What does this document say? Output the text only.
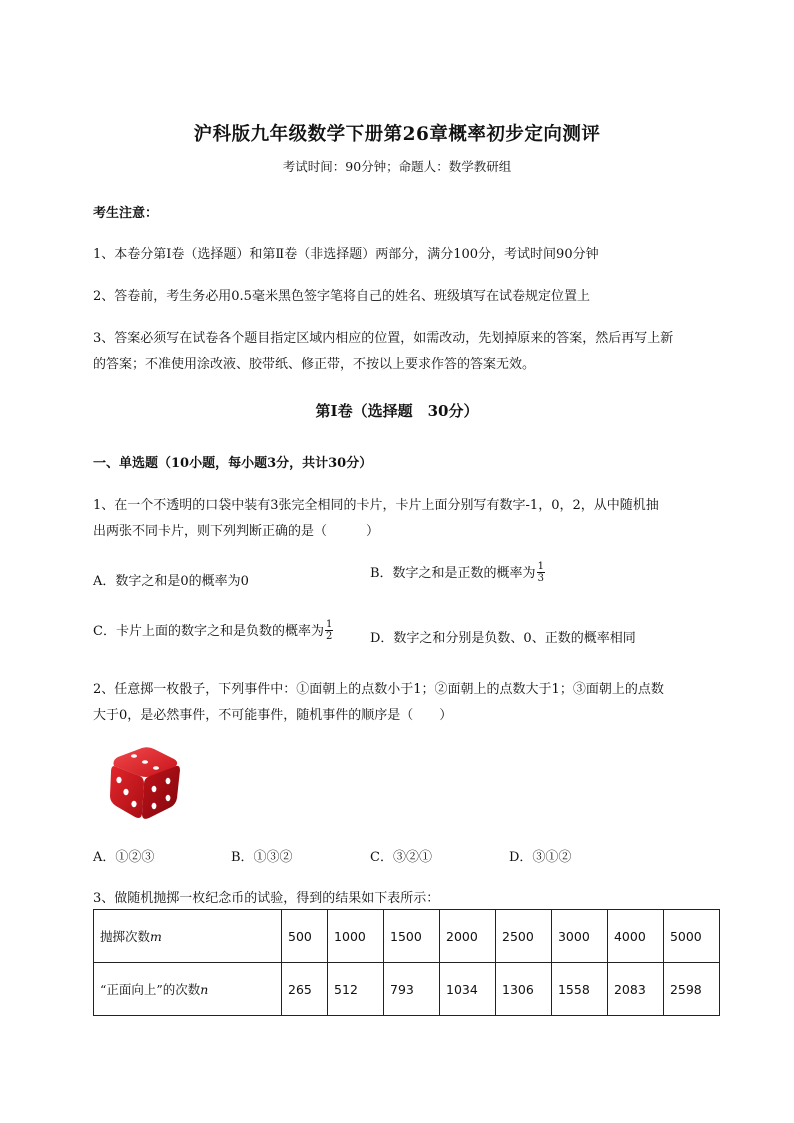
沪科版九年级数学下册第26章概率初步定向测评
考试时间：90分钟；命题人：数学教研组
考生注意：
1、本卷分第I卷（选择题）和第Ⅱ卷（非选择题）两部分，满分100分，考试时间90分钟
2、答卷前，考生务必用0.5毫米黑色签字笔将自己的姓名、班级填写在试卷规定位置上
3、答案必须写在试卷各个题目指定区域内相应的位置，如需改动，先划掉原来的答案，然后再写上新
的答案；不准使用涂改液、胶带纸、修正带，不按以上要求作答的答案无效。
第I卷（选择题　30分）
一、单选题（10小题，每小题3分，共计30分）
1、在一个不透明的口袋中装有3张完全相同的卡片，卡片上面分别写有数字-1，0，2，从中随机抽
出两张不同卡片，则下列判断正确的是（　　　）
A．数字之和是0的概率为0
B．数字之和是正数的概率为 $\frac{1}{3}$
C．卡片上面的数字之和是负数的概率为 $\frac{1}{2}$	D．数字之和分别是负数、0、正数的概率相同
2、任意掷一枚骰子，下列事件中：①面朝上的点数小于1；②面朝上的点数大于1；③面朝上的点数
大于0，是必然事件，不可能事件，随机事件的顺序是（　　）
A．①②③	B．①③②	C．③②①	D．③①②
3、做随机抛掷一枚纪念币的试验，得到的结果如下表所示：
抛掷次数m	500	1000	1500	2000	2500	3000	4000	5000
“正面向上”的次数n	265	512	793	1034	1306	1558	2083	2598
